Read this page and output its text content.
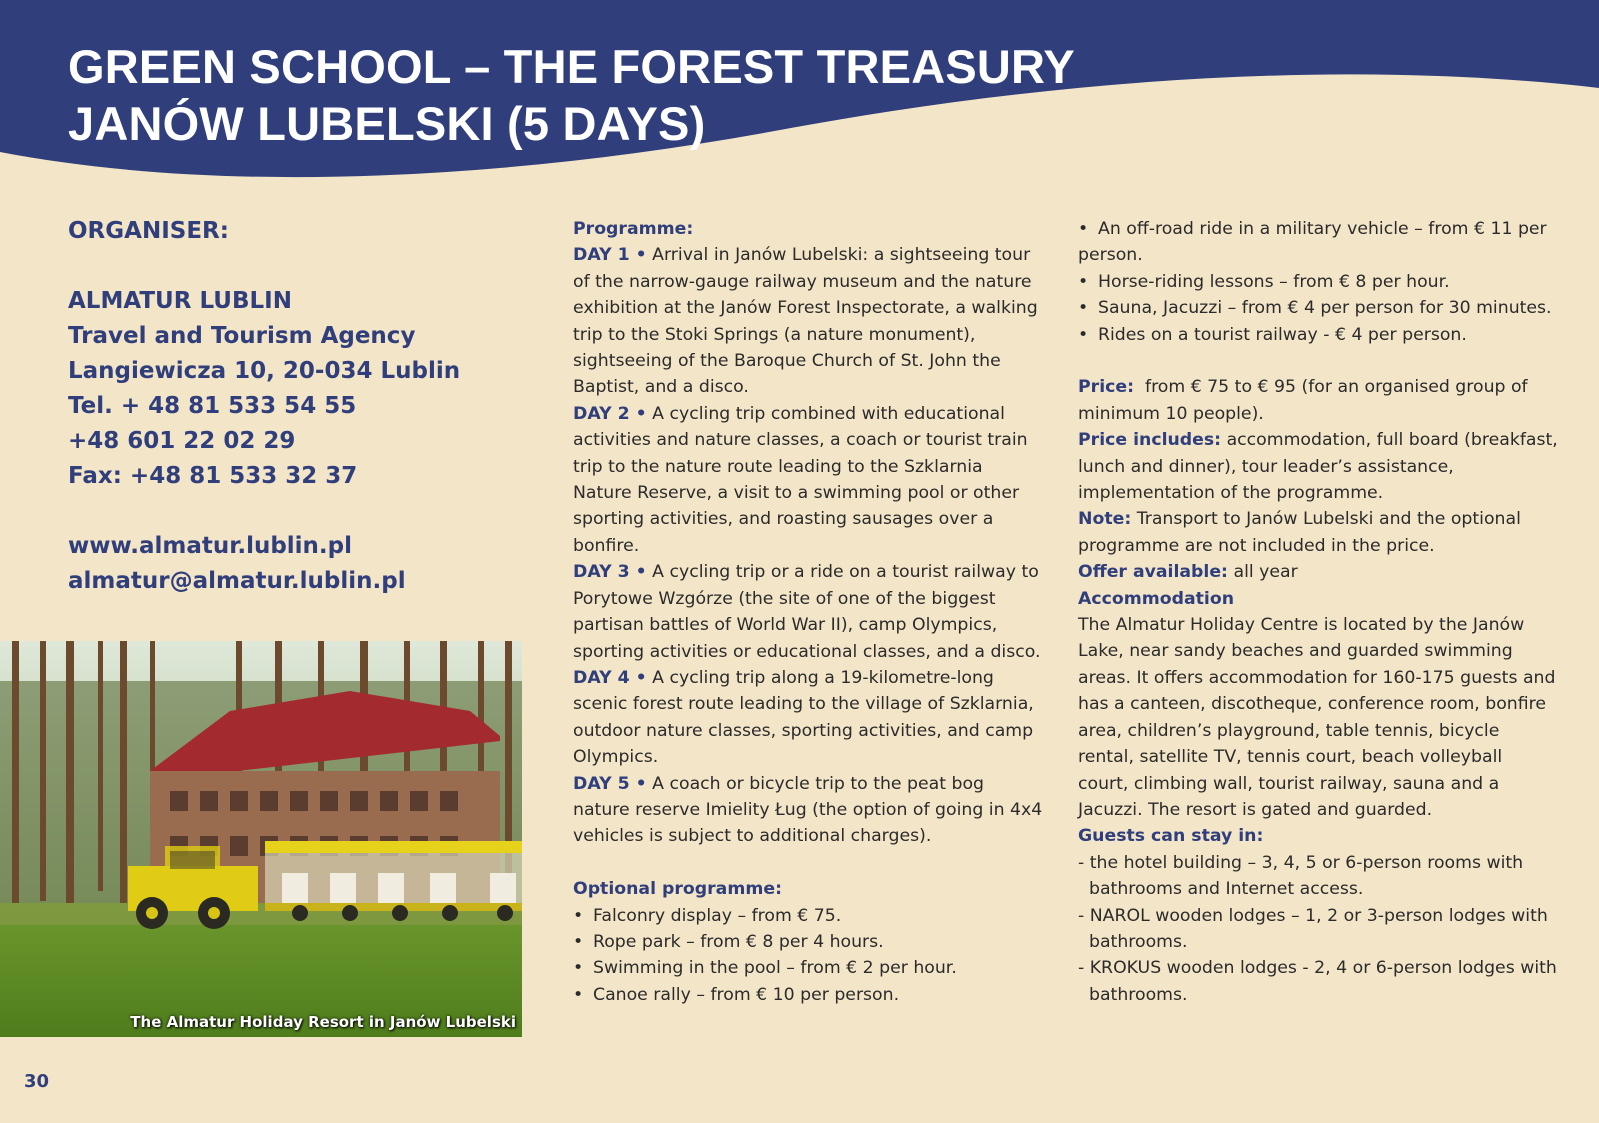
GREEN SCHOOL – THE FOREST TREASURY
JANÓW LUBELSKI (5 DAYS)
ORGANISER:
ALMATUR LUBLIN
Travel and Tourism Agency
Langiewicza 10, 20-034 Lublin
Tel. + 48 81 533 54 55
+48 601 22 02 29
Fax: +48 81 533 32 37
www.almatur.lublin.pl
almatur@almatur.lublin.pl
The Almatur Holiday Resort in Janów Lubelski

Programme:

DAY 1 • Arrival in Janów Lubelski: a sightseeing tour of the narrow-gauge railway museum and the nature exhibition at the Janów Forest Inspectorate, a walking trip to the Stoki Springs (a nature monument), sightseeing of the Baroque Church of St. John the Baptist, and a disco.

DAY 2 • A cycling trip combined with educational activities and nature classes, a coach or tourist train trip to the nature route leading to the Szklarnia Nature Reserve, a visit to a swimming pool or other sporting activities, and roasting sausages over a bonfire.

DAY 3 • A cycling trip or a ride on a tourist railway to Porytowe Wzgórze (the site of one of the biggest partisan battles of World War II), camp Olympics, sporting activities or educational classes, and a disco.

DAY 4 • A cycling trip along a 19-kilometre-long scenic forest route leading to the village of Szklarnia, outdoor nature classes, sporting activities, and camp Olympics.

DAY 5 • A coach or bicycle trip to the peat bog nature reserve Imielity Ług (the option of going in 4x4 vehicles is subject to additional charges).

Optional programme:

• Falconry display – from € 75.

• Rope park – from € 8 per 4 hours.

• Swimming in the pool – from € 2 per hour.

• Canoe rally – from € 10 per person.

• An off-road ride in a military vehicle – from € 11 per person.

• Horse-riding lessons – from € 8 per hour.

• Sauna, Jacuzzi – from € 4 per person for 30 minutes.

• Rides on a tourist railway - € 4 per person.

Price:  from € 75 to € 95 (for an organised group of minimum 10 people).

Price includes: accommodation, full board (breakfast, lunch and dinner), tour leader’s assistance, implementation of the programme.

Note: Transport to Janów Lubelski and the optional programme are not included in the price.

Offer available: all year

Accommodation

The Almatur Holiday Centre is located by the Janów Lake, near sandy beaches and guarded swimming areas. It offers accommodation for 160-175 guests and has a canteen, discotheque, conference room, bonfire area, children’s playground, table tennis, bicycle rental, satellite TV, tennis court, beach volleyball court, climbing wall, tourist railway, sauna and a Jacuzzi. The resort is gated and guarded.

Guests can stay in:

- the hotel building – 3, 4, 5 or 6-person rooms with bathrooms and Internet access.

- NAROL wooden lodges – 1, 2 or 3-person lodges with bathrooms.

- KROKUS wooden lodges - 2, 4 or 6-person lodges with bathrooms.

30
